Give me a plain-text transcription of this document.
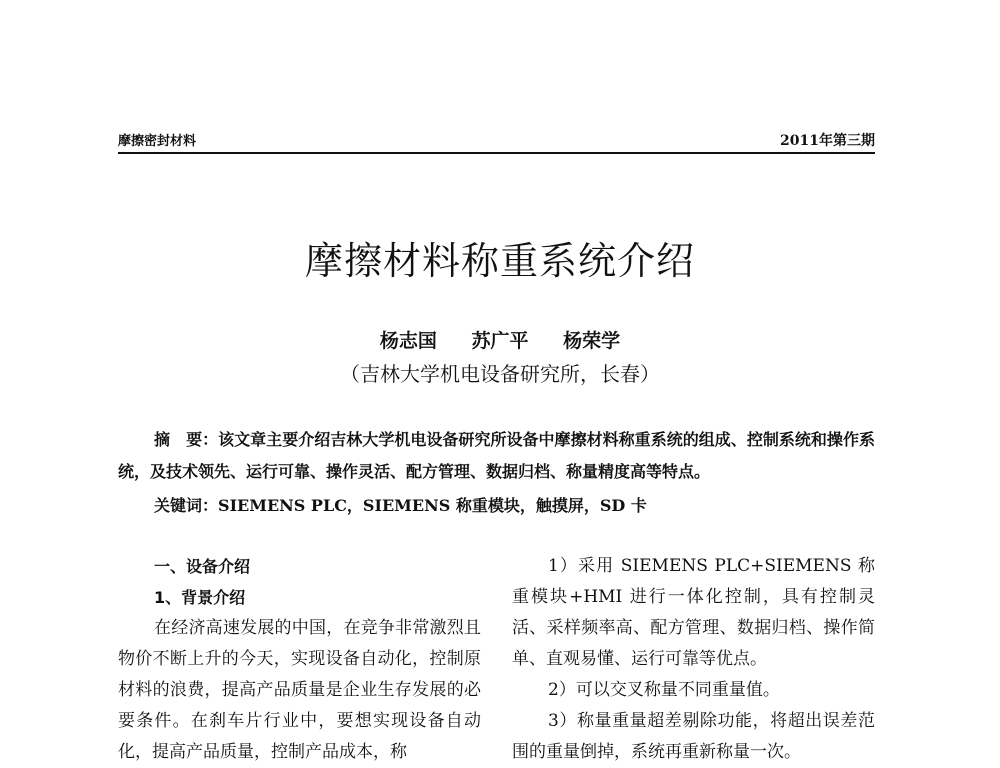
摩擦密封材料	2011年第三期
摩擦材料称重系统介绍
杨志国 苏广平 杨荣学
（吉林大学机电设备研究所，长春）
摘　要：该文章主要介绍吉林大学机电设备研究所设备中摩擦材料称重系统的组成、控制系统和操作系统，及技术领先、运行可靠、操作灵活、配方管理、数据归档、称量精度高等特点。
关键词：SIEMENS PLC，SIEMENS 称重模块，触摸屏，SD 卡

一、设备介绍

1、背景介绍

在经济高速发展的中国，在竞争非常激烈且物价不断上升的今天，实现设备自动化，控制原材料的浪费，提高产品质量是企业生存发展的必要条件。在刹车片行业中，要想实现设备自动化，提高产品质量，控制产品成本，称

1）采用 SIEMENS PLC+SIEMENS 称重模块+HMI 进行一体化控制，具有控制灵活、采样频率高、配方管理、数据归档、操作简单、直观易懂、运行可靠等优点。

2）可以交叉称量不同重量值。

3）称量重量超差剔除功能，将超出误差范围的重量倒掉，系统再重新称量一次。
